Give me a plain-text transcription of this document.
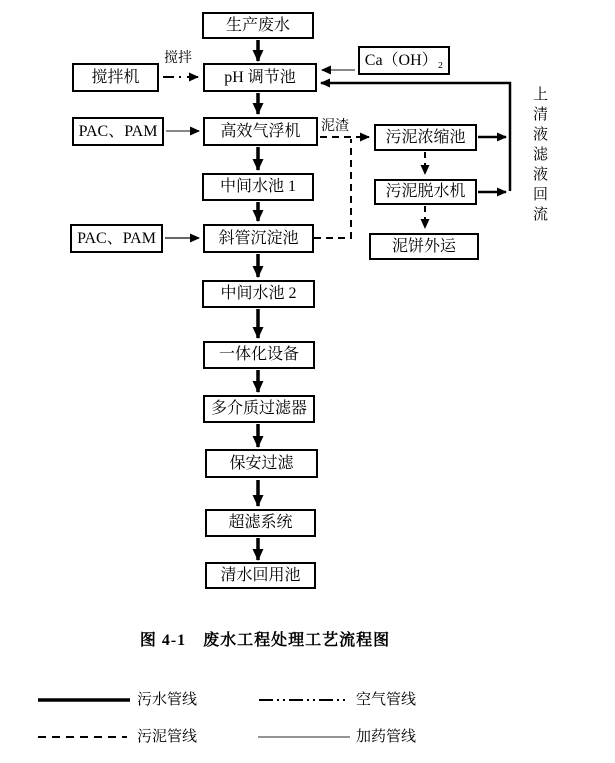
生产废水
搅拌机	pH 调节池
Ca（OH）₂
PAC、PAM	高效气浮机
中间水池 1
PAC、PAM	斜管沉淀池
中间水池 2
一体化设备
多介质过滤器
保安过滤
超滤系统
清水回用池
污泥浓缩池
污泥脱水机
泥饼外运
搅拌
泥渣	上清液滤液回流
图 4-1　废水工程处理工艺流程图
污水管线
污泥管线
空气管线
加药管线
